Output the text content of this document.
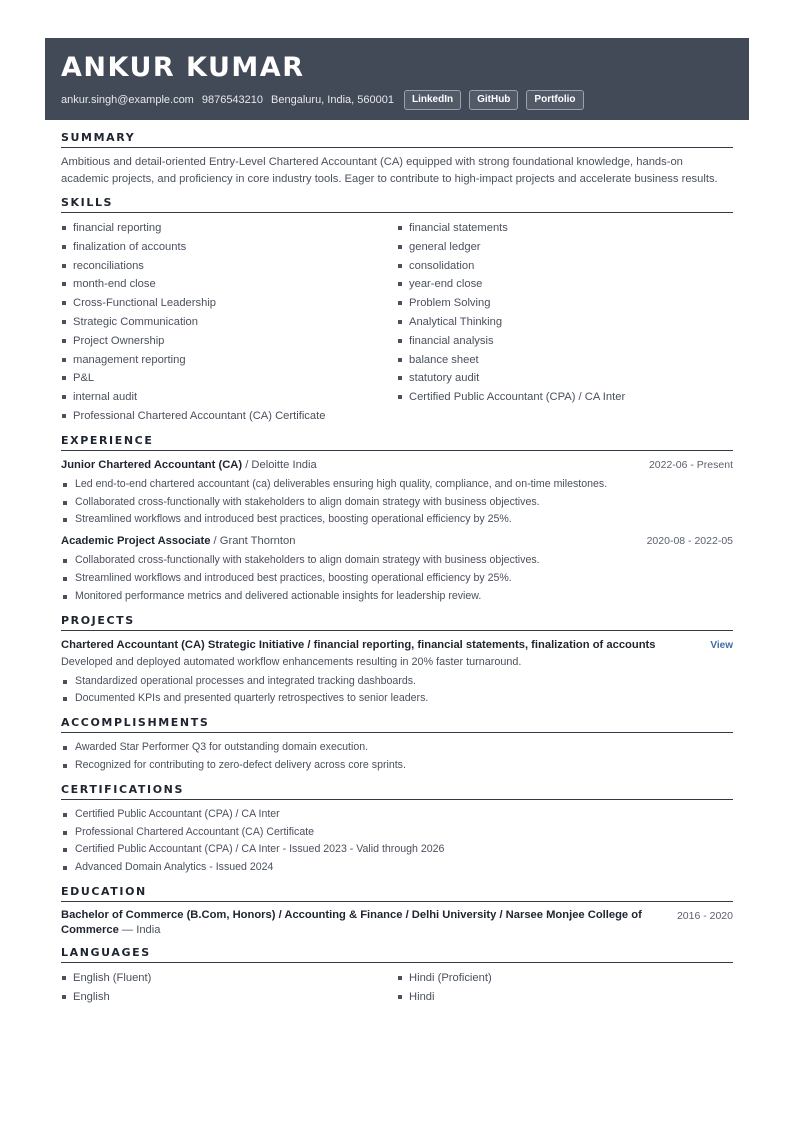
ANKUR KUMAR
ankur.singh@example.com 9876543210 Bengaluru, India, 560001	LinkedIn	GitHub	Portfolio
SUMMARY
Ambitious and detail-oriented Entry-Level Chartered Accountant (CA) equipped with strong foundational knowledge, hands-on academic projects, and proficiency in core industry tools. Eager to contribute to high-impact projects and accelerate business results.
SKILLS
financial reporting	financial statements
finalization of accounts	general ledger
reconciliations	consolidation
month-end close	year-end close
Cross-Functional Leadership	Problem Solving
Strategic Communication	Analytical Thinking
Project Ownership	financial analysis
management reporting	balance sheet
P&L	statutory audit
internal audit	Certified Public Accountant (CPA) / CA Inter
Professional Chartered Accountant (CA) Certificate
EXPERIENCE
Junior Chartered Accountant (CA) / Deloitte India	2022-06 - Present
Led end-to-end chartered accountant (ca) deliverables ensuring high quality, compliance, and on-time milestones.
Collaborated cross-functionally with stakeholders to align domain strategy with business objectives.
Streamlined workflows and introduced best practices, boosting operational efficiency by 25%.
Academic Project Associate / Grant Thornton	2020-08 - 2022-05
Collaborated cross-functionally with stakeholders to align domain strategy with business objectives.
Streamlined workflows and introduced best practices, boosting operational efficiency by 25%.
Monitored performance metrics and delivered actionable insights for leadership review.
PROJECTS
Chartered Accountant (CA) Strategic Initiative / financial reporting, financial statements, finalization of accounts	View
Developed and deployed automated workflow enhancements resulting in 20% faster turnaround.
Standardized operational processes and integrated tracking dashboards.
Documented KPIs and presented quarterly retrospectives to senior leaders.
ACCOMPLISHMENTS
Awarded Star Performer Q3 for outstanding domain execution.
Recognized for contributing to zero-defect delivery across core sprints.
CERTIFICATIONS
Certified Public Accountant (CPA) / CA Inter
Professional Chartered Accountant (CA) Certificate
Certified Public Accountant (CPA) / CA Inter - Issued 2023 - Valid through 2026
Advanced Domain Analytics - Issued 2024
EDUCATION
Bachelor of Commerce (B.Com, Honors) / Accounting & Finance / Delhi University / Narsee Monjee College of Commerce — India
2016 - 2020
LANGUAGES
English (Fluent)	Hindi (Proficient)
English	Hindi
